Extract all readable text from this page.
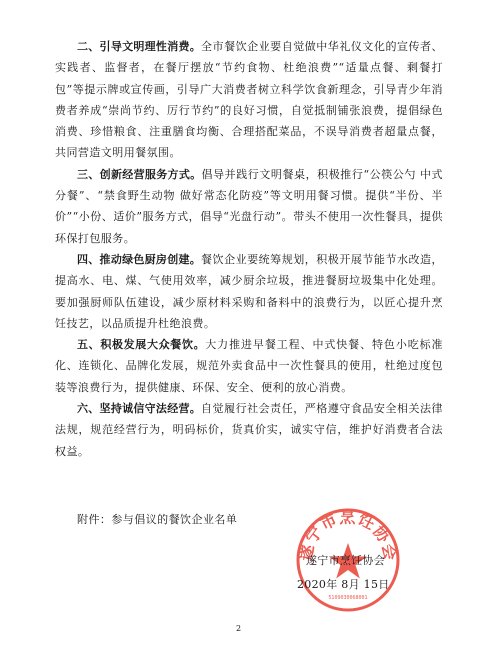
二、引导文明理性消费。全市餐饮企业要自觉做中华礼仪文化的宣传者、实践者、监督者，在餐厅摆放“节约食物、杜绝浪费”“适量点餐、剩餐打包”等提示牌或宣传画，引导广大消费者树立科学饮食新理念，引导青少年消费者养成“崇尚节约、厉行节约”的良好习惯，自觉抵制铺张浪费，提倡绿色消费、珍惜粮食、注重膳食均衡、合理搭配菜品，不误导消费者超量点餐，共同营造文明用餐氛围。

三、创新经营服务方式。倡导并践行文明餐桌，积极推行“公筷公勺 中式分餐”、“禁食野生动物 做好常态化防疫”等文明用餐习惯。提供“半份、半价”“小份、适价”服务方式，倡导“光盘行动”。带头不使用一次性餐具，提供环保打包服务。

四、推动绿色厨房创建。餐饮企业要统筹规划，积极开展节能节水改造，提高水、电、煤、气使用效率，减少厨余垃圾，推进餐厨垃圾集中化处理。要加强厨师队伍建设，减少原材料采购和备料中的浪费行为，以匠心提升烹饪技艺，以品质提升杜绝浪费。

五、积极发展大众餐饮。大力推进早餐工程、中式快餐、特色小吃标准化、连锁化、品牌化发展，规范外卖食品中一次性餐具的使用，杜绝过度包装等浪费行为，提供健康、环保、安全、便利的放心消费。

六、坚持诚信守法经营。自觉履行社会责任，严格遵守食品安全相关法律法规，规范经营行为，明码标价，货真价实，诚实守信，维护好消费者合法权益。

附件：参与倡议的餐饮企业名单
遂宁市烹饪协会
5109030068001
遂宁市烹饪协会
2020年 8月 15日
2
